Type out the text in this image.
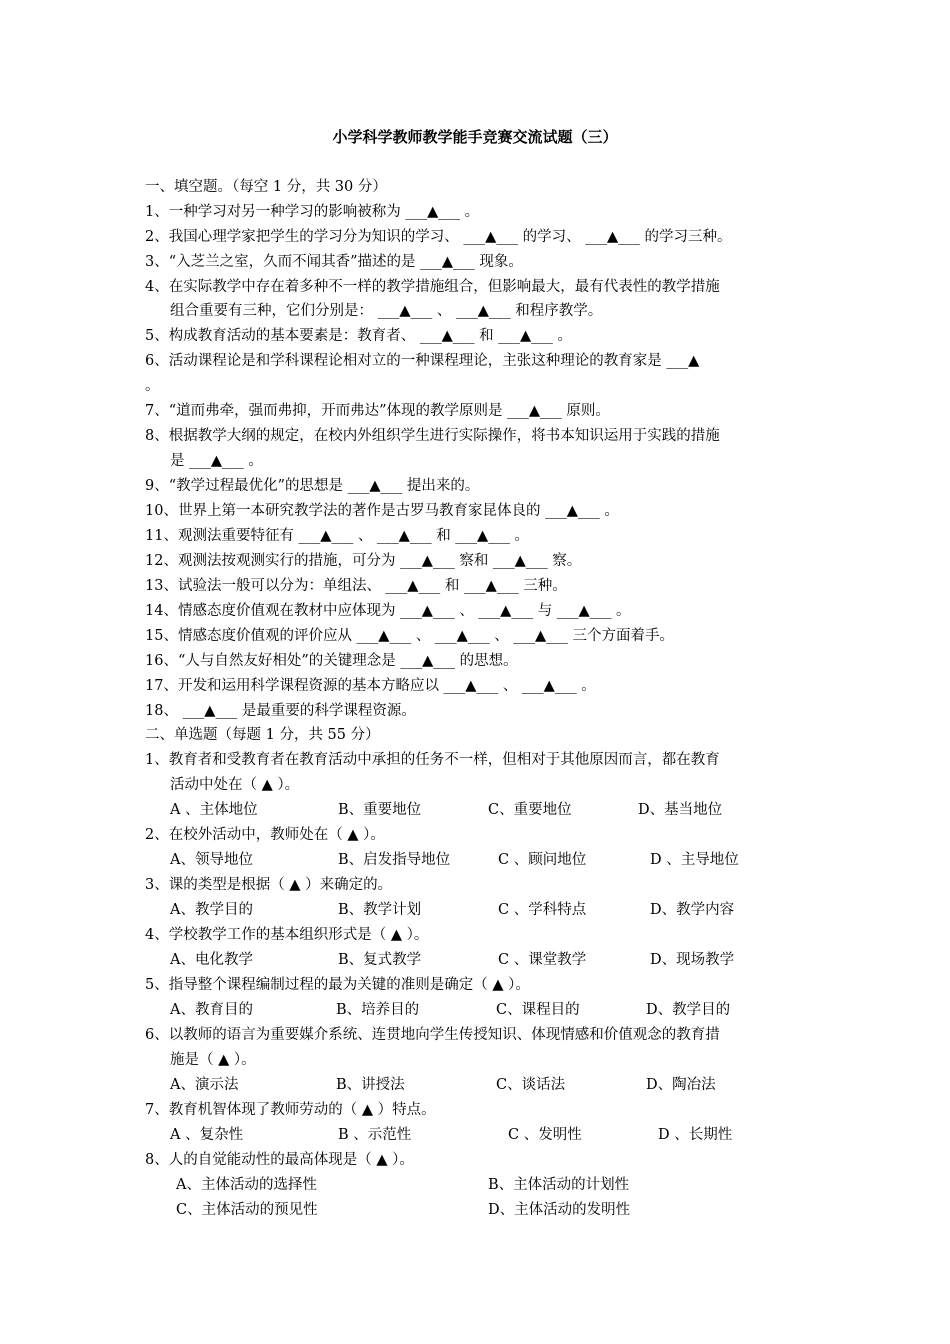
小学科学教师教学能手竞赛交流试题（三）
一、填空题。（每空 1 分，共 30 分）
1、一种学习对另一种学习的影响被称为 ___▲___ 。
2、我国心理学家把学生的学习分为知识的学习、 ___▲___ 的学习、 ___▲___ 的学习三种。
3、“入芝兰之室，久而不闻其香”描述的是 ___▲___ 现象。
4、在实际教学中存在着多种不一样的教学措施组合，但影响最大，最有代表性的教学措施
组合重要有三种，它们分别是： ___▲___ 、 ___▲___ 和程序教学。
5、构成教育活动的基本要素是：教育者、 ___▲___ 和 ___▲___ 。
6、活动课程论是和学科课程论相对立的一种课程理论，主张这种理论的教育家是 ___▲
。
7、“道而弗牵，强而弗抑，开而弗达”体现的教学原则是 ___▲___ 原则。
8、根据教学大纲的规定，在校内外组织学生进行实际操作，将书本知识运用于实践的措施
是 ___▲___ 。
9、“教学过程最优化”的思想是 ___▲___ 提出来的。
10、世界上第一本研究教学法的著作是古罗马教育家昆体良的 ___▲___ 。
11、观测法重要特征有 ___▲___ 、 ___▲___ 和 ___▲___ 。
12、观测法按观测实行的措施，可分为 ___▲___ 察和 ___▲___ 察。
13、试验法一般可以分为：单组法、 ___▲___ 和 ___▲___ 三种。
14、情感态度价值观在教材中应体现为 ___▲___ 、 ___▲___ 与 ___▲___ 。
15、情感态度价值观的评价应从 ___▲___ 、 ___▲___ 、 ___▲___ 三个方面着手。
16、“人与自然友好相处”的关键理念是 ___▲___ 的思想。
17、开发和运用科学课程资源的基本方略应以 ___▲___ 、 ___▲___ 。
18、 ___▲___ 是最重要的科学课程资源。
二、单选题（每题 1 分，共 55 分）
1、教育者和受教育者在教育活动中承担的任务不一样，但相对于其他原因而言，都在教育
活动中处在（ ▲ ）。
A 、主体地位	B、重要地位	C、重要地位	D、基当地位
2、在校外活动中，教师处在（ ▲ ）。
A、领导地位	B、启发指导地位	C 、顾问地位	D 、主导地位
3、课的类型是根据（ ▲ ）来确定的。
A、教学目的	B、教学计划	C 、学科特点	D、教学内容
4、学校教学工作的基本组织形式是（ ▲ ）。
A、电化教学	B、复式教学	C 、课堂教学	D、现场教学
5、指导整个课程编制过程的最为关键的准则是确定（ ▲ ）。
A、教育目的	B、培养目的	C、课程目的	D、教学目的
6、以教师的语言为重要媒介系统、连贯地向学生传授知识、体现情感和价值观念的教育措
施是（ ▲ ）。
A、演示法	B、讲授法	C、谈话法	D、陶冶法
7、教育机智体现了教师劳动的（ ▲ ）特点。
A 、复杂性	B 、示范性	C 、发明性	D 、长期性
8、人的自觉能动性的最高体现是（ ▲ ）。
A、主体活动的选择性	B、主体活动的计划性
C、主体活动的预见性	D、主体活动的发明性
